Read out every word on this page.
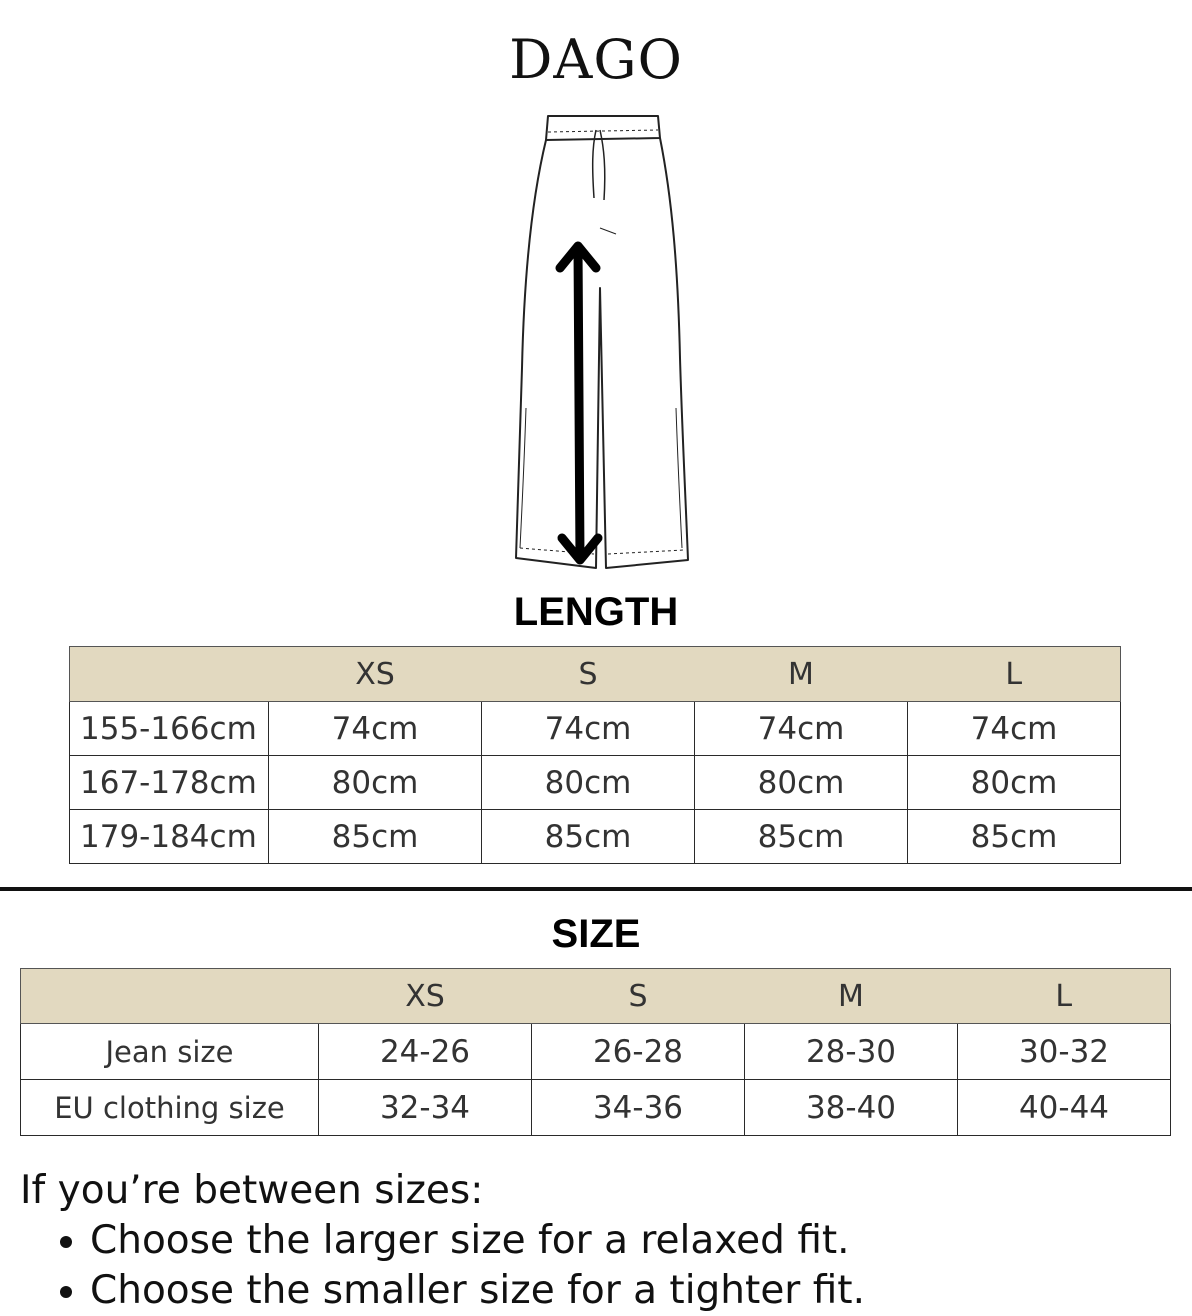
DAGO
LENGTH
	XS	S	M	L
155-166cm	74cm	74cm	74cm	74cm
167-178cm	80cm	80cm	80cm	80cm
179-184cm	85cm	85cm	85cm	85cm
SIZE
	XS	S	M	L
Jean size	24-26	26-28	28-30	30-32
EU clothing size	32-34	34-36	38-40	40-44
If you’re between sizes:
• Choose the larger size for a relaxed fit.
• Choose the smaller size for a tighter fit.
